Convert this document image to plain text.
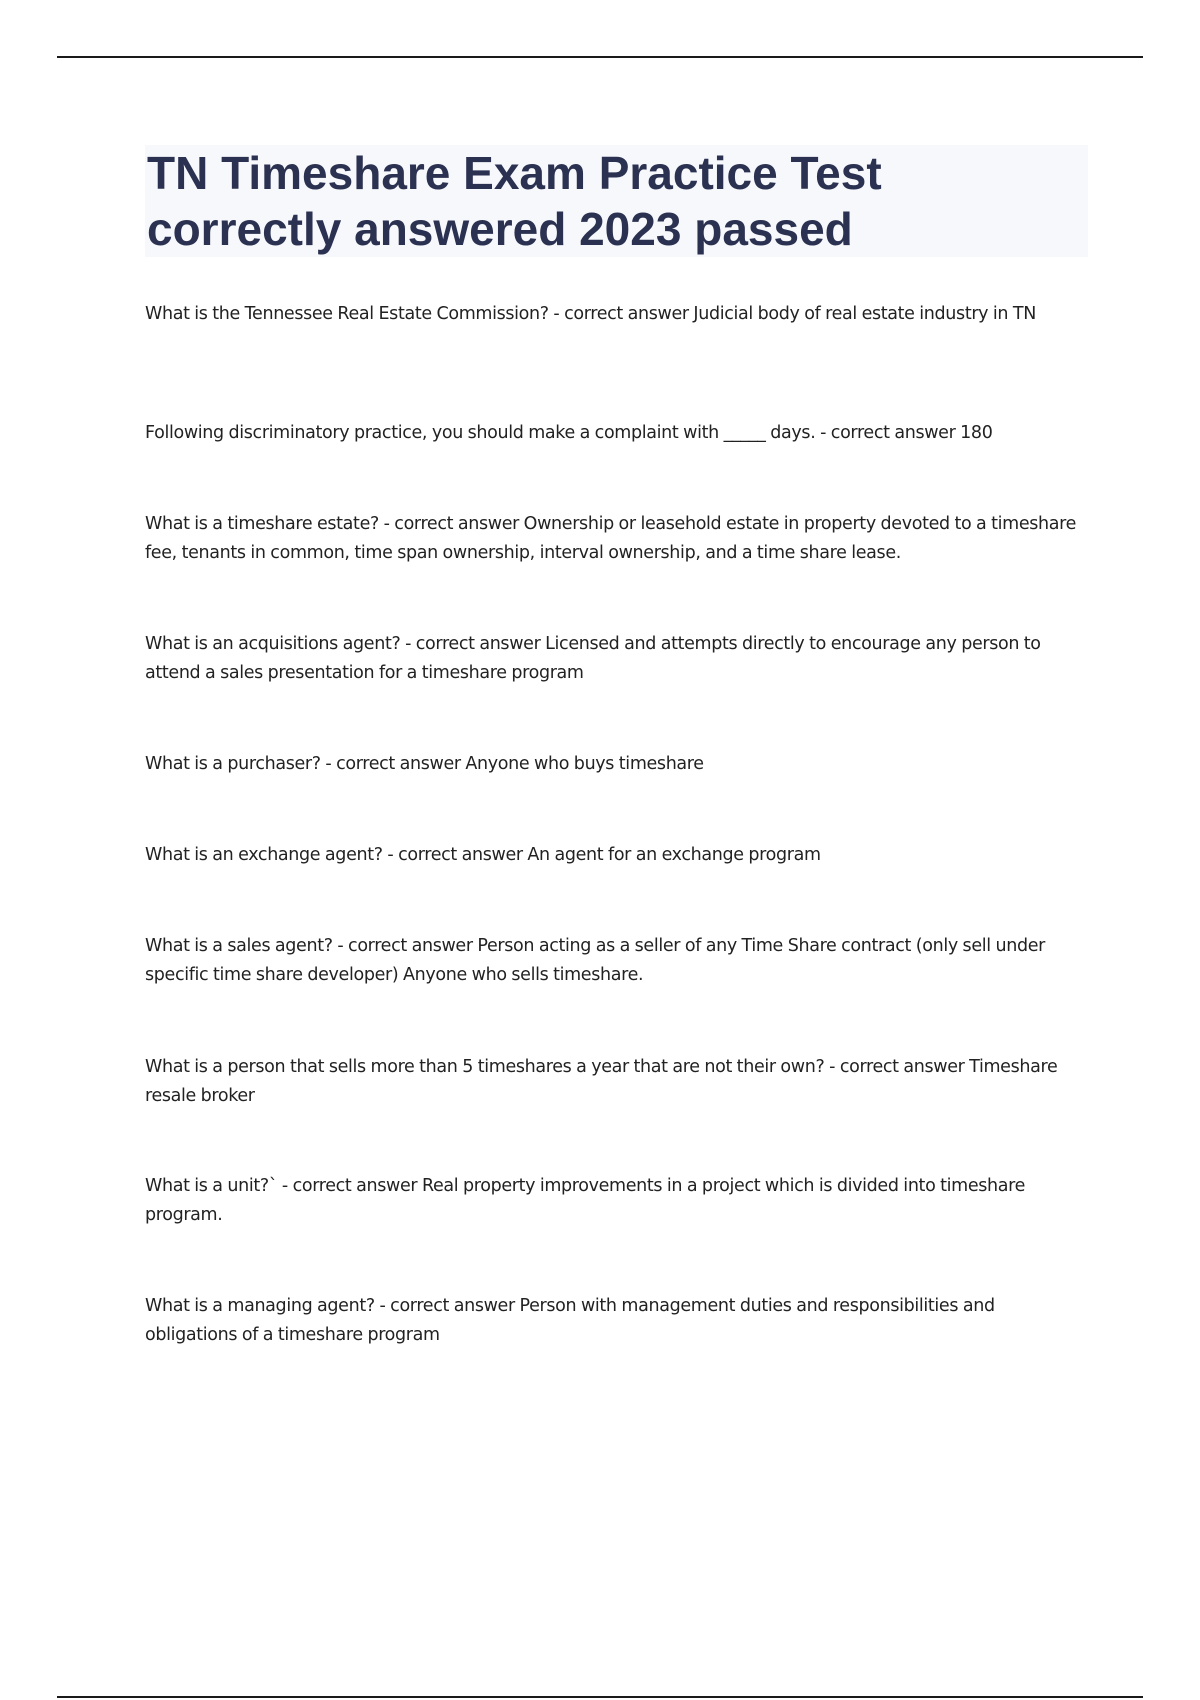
TN Timeshare Exam Practice Test correctly answered 2023 passed

What is the Tennessee Real Estate Commission? - correct answer Judicial body of real estate industry in TN

Following discriminatory practice, you should make a complaint with _____ days. - correct answer 180

What is a timeshare estate? - correct answer Ownership or leasehold estate in property devoted to a timeshare fee, tenants in common, time span ownership, interval ownership, and a time share lease.

What is an acquisitions agent? - correct answer Licensed and attempts directly to encourage any person to attend a sales presentation for a timeshare program

What is a purchaser? - correct answer Anyone who buys timeshare

What is an exchange agent? - correct answer An agent for an exchange program

What is a sales agent? - correct answer Person acting as a seller of any Time Share contract (only sell under specific time share developer) Anyone who sells timeshare.

What is a person that sells more than 5 timeshares a year that are not their own? - correct answer Timeshare resale broker

What is a unit?` - correct answer Real property improvements in a project which is divided into timeshare program.

What is a managing agent? - correct answer Person with management duties and responsibilities and obligations of a timeshare program
